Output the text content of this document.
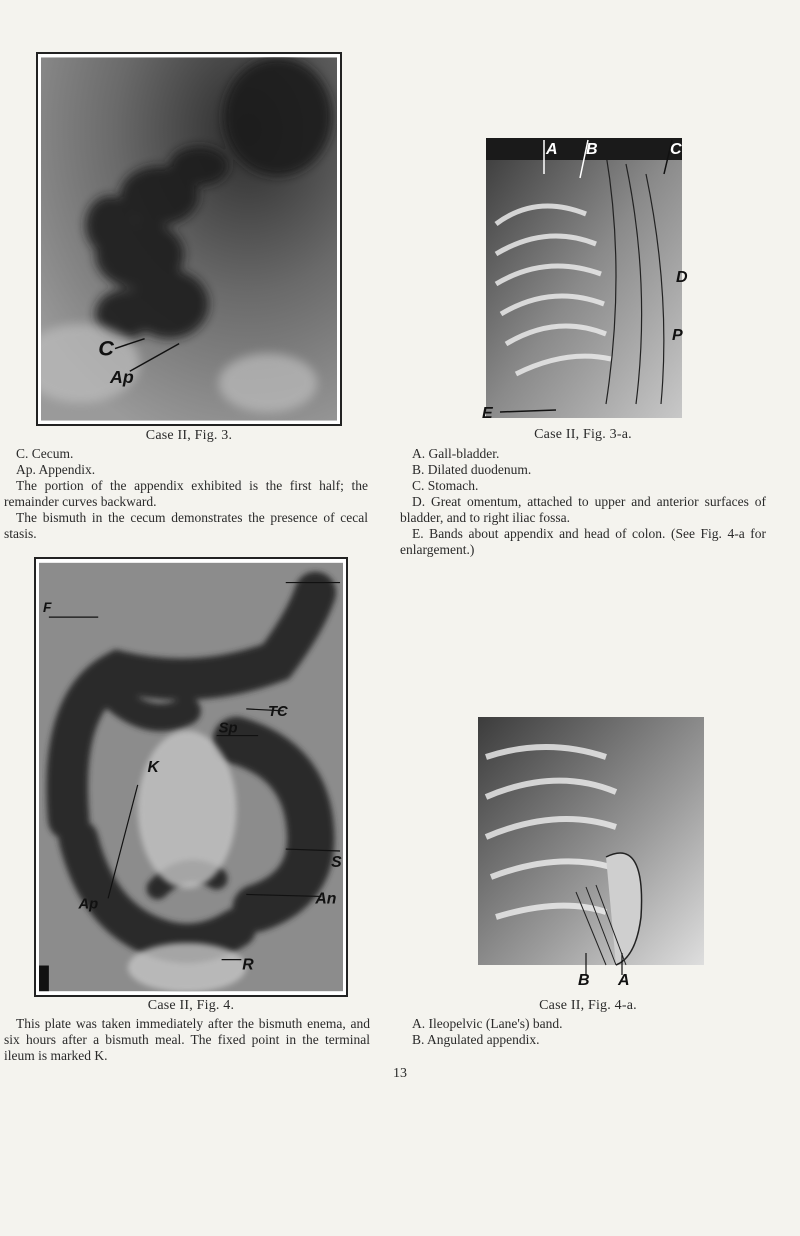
C
Ap
Case II, Fig. 3.

C. Cecum.

Ap. Appendix.

The portion of the appendix exhibited is the first half; the remainder curves backward.

The bismuth in the cecum demonstrates the presence of cecal stasis.

A B	C
D
P
E
Case II, Fig. 3-a.

A. Gall-bladder.

B. Dilated duodenum.

C. Stomach.

D. Great omentum, attached to upper and anterior surfaces of bladder, and to right iliac fossa.

E. Bands about appendix and head of colon. (See Fig. 4-a for enlargement.)

F
TC
Sp
K
Ap
S
An
R
Case II, Fig. 4.
This plate was taken immediately after the bismuth enema, and six hours after a bismuth meal. The fixed point in the terminal ileum is marked K.
B A
Case II, Fig. 4-a.

A. Ileopelvic (Lane's) band.

B. Angulated appendix.

13
